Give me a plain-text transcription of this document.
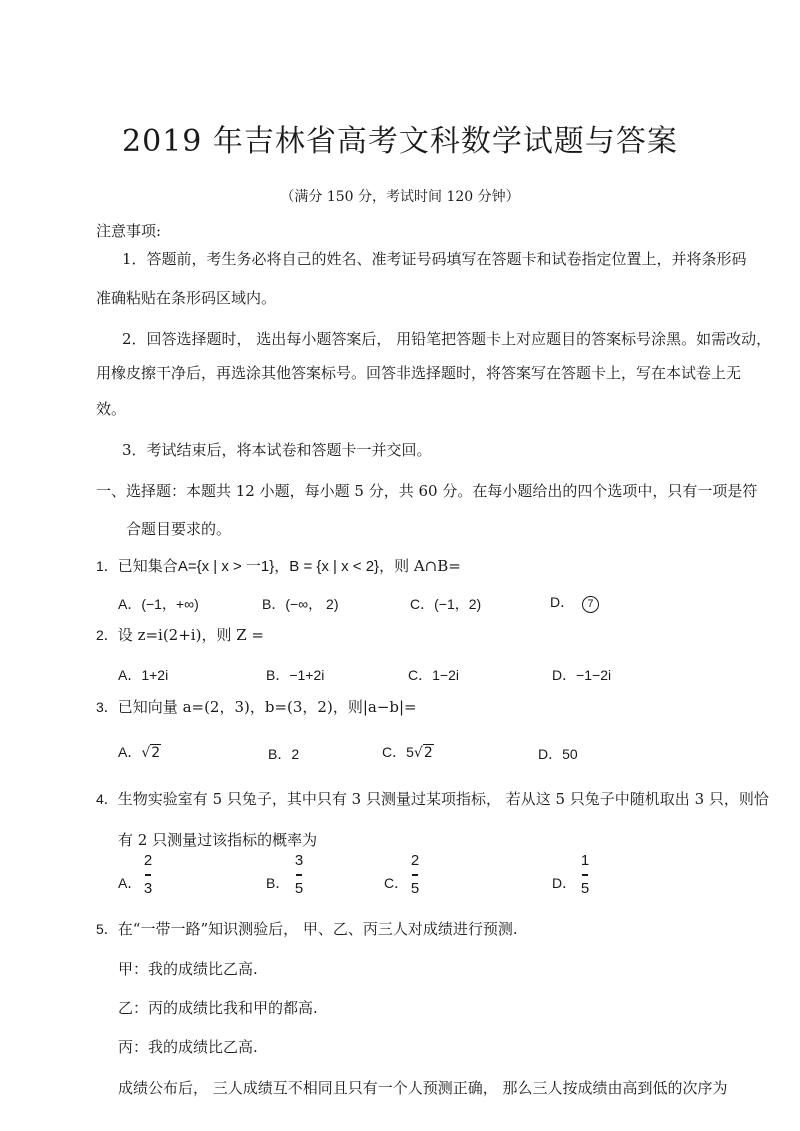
2019 年吉林省高考文科数学试题与答案
（满分 150 分，考试时间 120 分钟）
注意事项:
1．答题前，考生务必将自己的姓名、准考证号码填写在答题卡和试卷指定位置上，并将条形码
准确粘贴在条形码区域内。
2．回答选择题时， 选出每小题答案后， 用铅笔把答题卡上对应题目的答案标号涂黑。如需改动，
用橡皮擦干净后，再选涂其他答案标号。回答非选择题时，将答案写在答题卡上，写在本试卷上无
效。
3．考试结束后，将本试卷和答题卡一并交回。
一、选择题：本题共 12 小题，每小题 5 分，共 60 分。在每小题给出的四个选项中，只有一项是符
合题目要求的。
1．已知集合A={x | x > 一1}，B = {x | x < 2}，则 A∩B=
A．(−1，+∞)	B．(−∞， 2)	C．(−1，2)	D． 7
2．设 z=i(2+i)，则 Z =
A．1+2i	B．−1+2i	C．1−2i	D．−1−2i
3．已知向量 a=(2，3)，b=(3，2)，则|a−b|=
A．√2	B．2	C．5√2	D．50
4．生物实验室有 5 只兔子，其中只有 3 只测量过某项指标， 若从这 5 只兔子中随机取出 3 只，则恰
有 2 只测量过该指标的概率为
A．
2
3	B．
3
5	C．
2
5	D．
1
5
5．在“一带一路”知识测验后， 甲、乙、丙三人对成绩进行预测.
甲：我的成绩比乙高.
乙：丙的成绩比我和甲的都高.
丙：我的成绩比乙高.
成绩公布后， 三人成绩互不相同且只有一个人预测正确， 那么三人按成绩由高到低的次序为
